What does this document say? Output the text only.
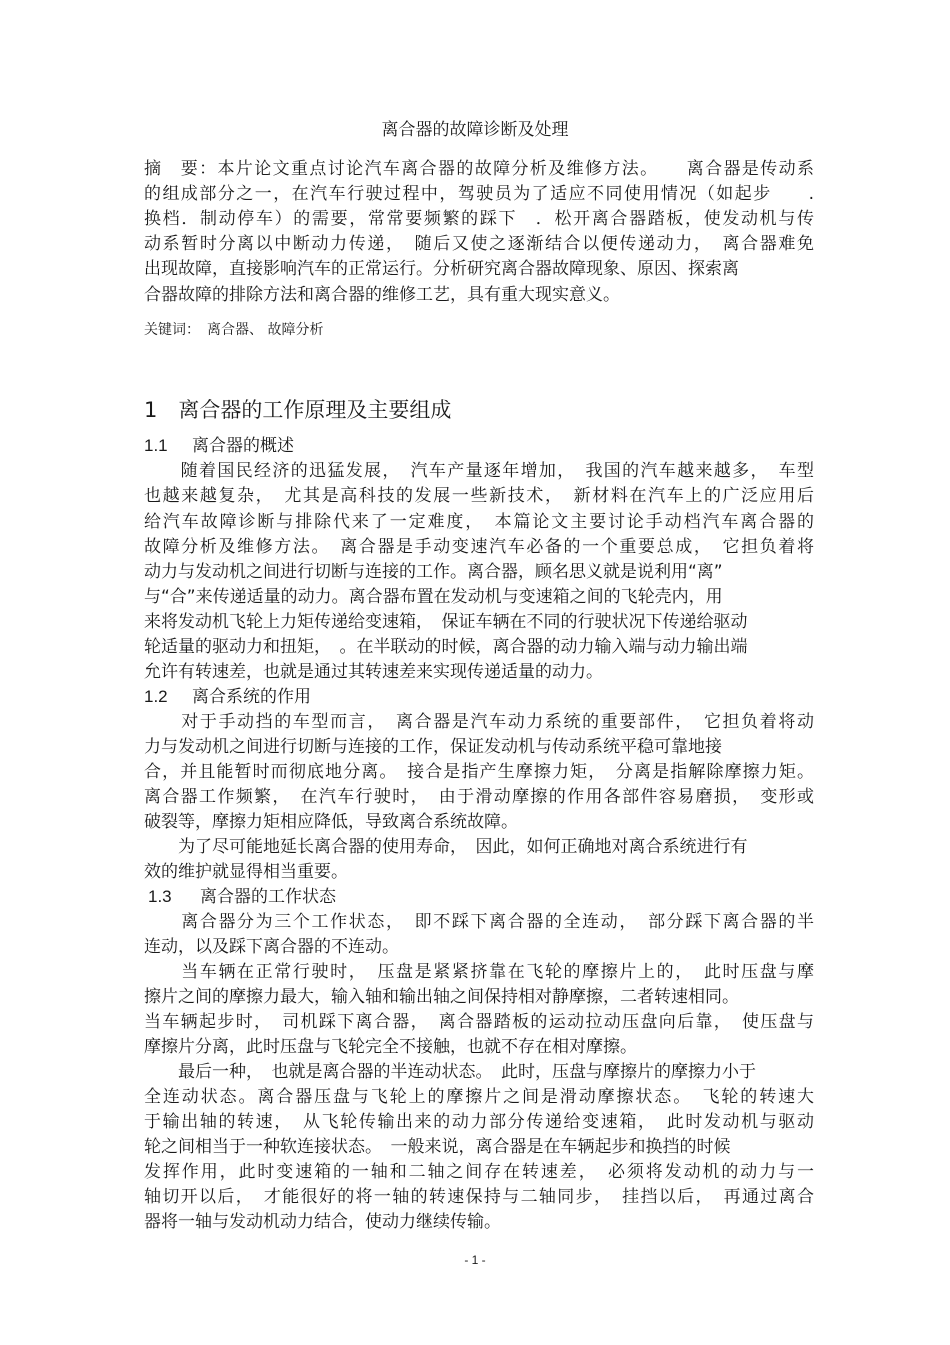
离合器的故障诊断及处理
摘　要：本片论文重点讨论汽车离合器的故障分析及维修方法。　　离合器是传动系
的组成部分之一，在汽车行驶过程中，驾驶员为了适应不同使用情况（如起步　　.
换档．制动停车）的需要，常常要频繁的踩下　．松开离合器踏板，使发动机与传
动系暂时分离以中断动力传递，　随后又使之逐渐结合以便传递动力，　离合器难免
出现故障，直接影响汽车的正常运行。分析研究离合器故障现象、原因、探索离
合器故障的排除方法和离合器的维修工艺，具有重大现实意义。
关键词：　离合器、 故障分析
1　离合器的工作原理及主要组成
1.1 离合器的概述
　　随着国民经济的迅猛发展，　汽车产量逐年增加，　我国的汽车越来越多，　车型
也越来越复杂，　尤其是高科技的发展一些新技术，　新材料在汽车上的广泛应用后
给汽车故障诊断与排除代来了一定难度，　本篇论文主要讨论手动档汽车离合器的
故障分析及维修方法。　离合器是手动变速汽车必备的一个重要总成，　它担负着将
动力与发动机之间进行切断与连接的工作。离合器，顾名思义就是说利用“离”
与“合”来传递适量的动力。离合器布置在发动机与变速箱之间的飞轮壳内，用
来将发动机飞轮上力矩传递给变速箱，　保证车辆在不同的行驶状况下传递给驱动
轮适量的驱动力和扭矩，　。在半联动的时候，离合器的动力输入端与动力输出端
允许有转速差，也就是通过其转速差来实现传递适量的动力。
1.2 离合系统的作用
　　对于手动挡的车型而言，　离合器是汽车动力系统的重要部件，　它担负着将动
力与发动机之间进行切断与连接的工作，保证发动机与传动系统平稳可靠地接
合，并且能暂时而彻底地分离。　接合是指产生摩擦力矩，　分离是指解除摩擦力矩。
离合器工作频繁，　在汽车行驶时，　由于滑动摩擦的作用各部件容易磨损，　变形或
破裂等，摩擦力矩相应降低，导致离合系统故障。
　　为了尽可能地延长离合器的使用寿命，　因此，如何正确地对离合系统进行有
效的维护就显得相当重要。
1.3 离合器的工作状态
　　离合器分为三个工作状态，　即不踩下离合器的全连动，　部分踩下离合器的半
连动，以及踩下离合器的不连动。
　　当车辆在正常行驶时，　压盘是紧紧挤靠在飞轮的摩擦片上的，　此时压盘与摩
擦片之间的摩擦力最大，输入轴和输出轴之间保持相对静摩擦，二者转速相同。
当车辆起步时，　司机踩下离合器，　离合器踏板的运动拉动压盘向后靠，　使压盘与
摩擦片分离，此时压盘与飞轮完全不接触，也就不存在相对摩擦。
　　最后一种，　也就是离合器的半连动状态。　此时，压盘与摩擦片的摩擦力小于
全连动状态。离合器压盘与飞轮上的摩擦片之间是滑动摩擦状态。　飞轮的转速大
于输出轴的转速，　从飞轮传输出来的动力部分传递给变速箱，　此时发动机与驱动
轮之间相当于一种软连接状态。　一般来说，离合器是在车辆起步和换挡的时候
发挥作用，此时变速箱的一轴和二轴之间存在转速差，　必须将发动机的动力与一
轴切开以后，　才能很好的将一轴的转速保持与二轴同步，　挂挡以后，　再通过离合
器将一轴与发动机动力结合，使动力继续传输。
- 1 -
